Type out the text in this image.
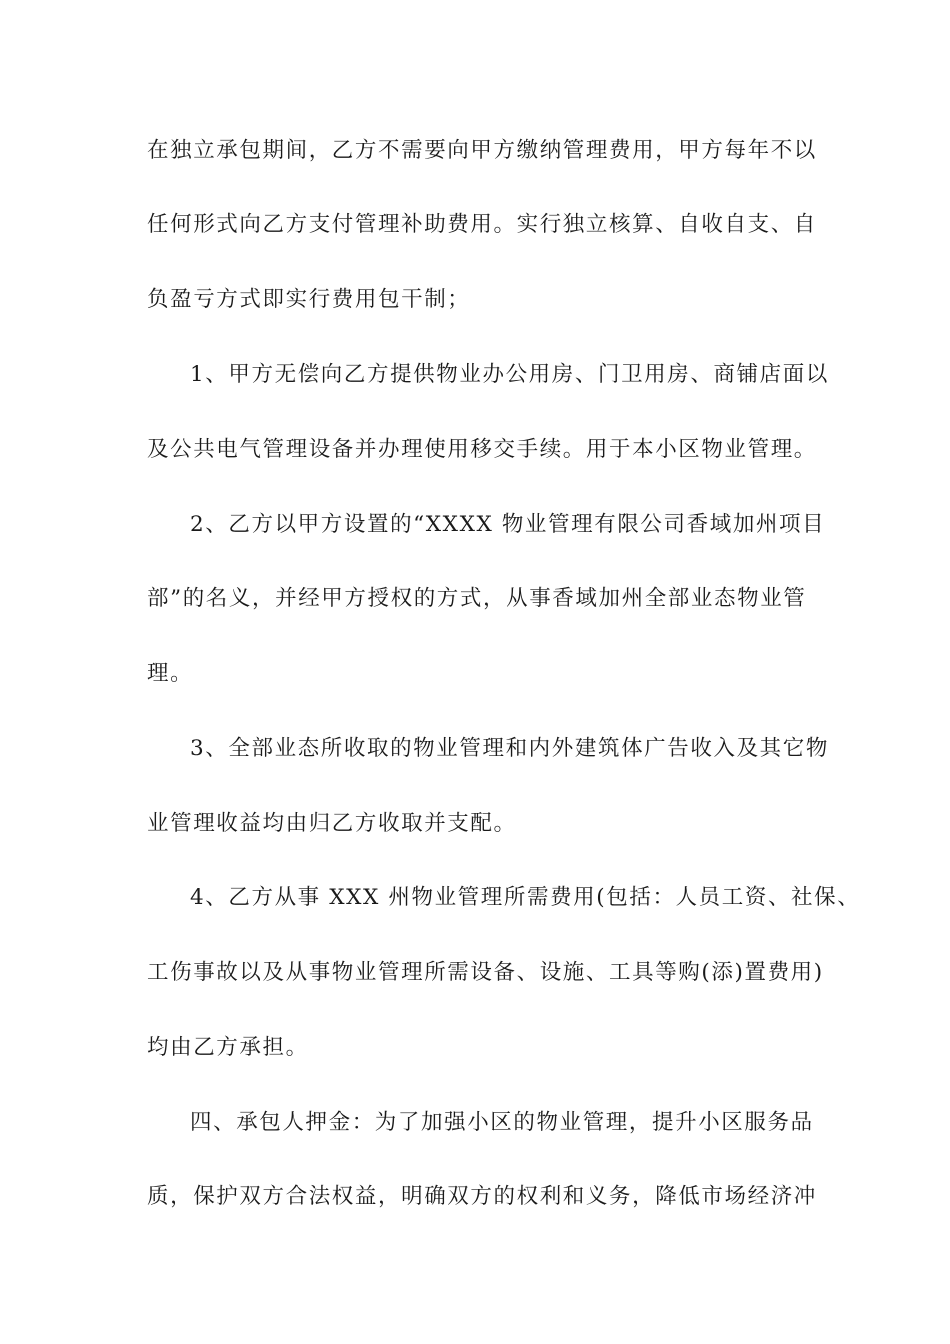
在独立承包期间，乙方不需要向甲方缴纳管理费用，甲方每年不以
任何形式向乙方支付管理补助费用。实行独立核算、自收自支、自
负盈亏方式即实行费用包干制；
1、甲方无偿向乙方提供物业办公用房、门卫用房、商铺店面以
及公共电气管理设备并办理使用移交手续。用于本小区物业管理。
2、乙方以甲方设置的“XXXX 物业管理有限公司香域加州项目
部”的名义，并经甲方授权的方式，从事香域加州全部业态物业管
理。
3、全部业态所收取的物业管理和内外建筑体广告收入及其它物
业管理收益均由归乙方收取并支配。
4、乙方从事 XXX 州物业管理所需费用(包括：人员工资、社保、
工伤事故以及从事物业管理所需设备、设施、工具等购(添)置费用)
均由乙方承担。
四、承包人押金：为了加强小区的物业管理，提升小区服务品
质，保护双方合法权益，明确双方的权利和义务，降低市场经济冲
